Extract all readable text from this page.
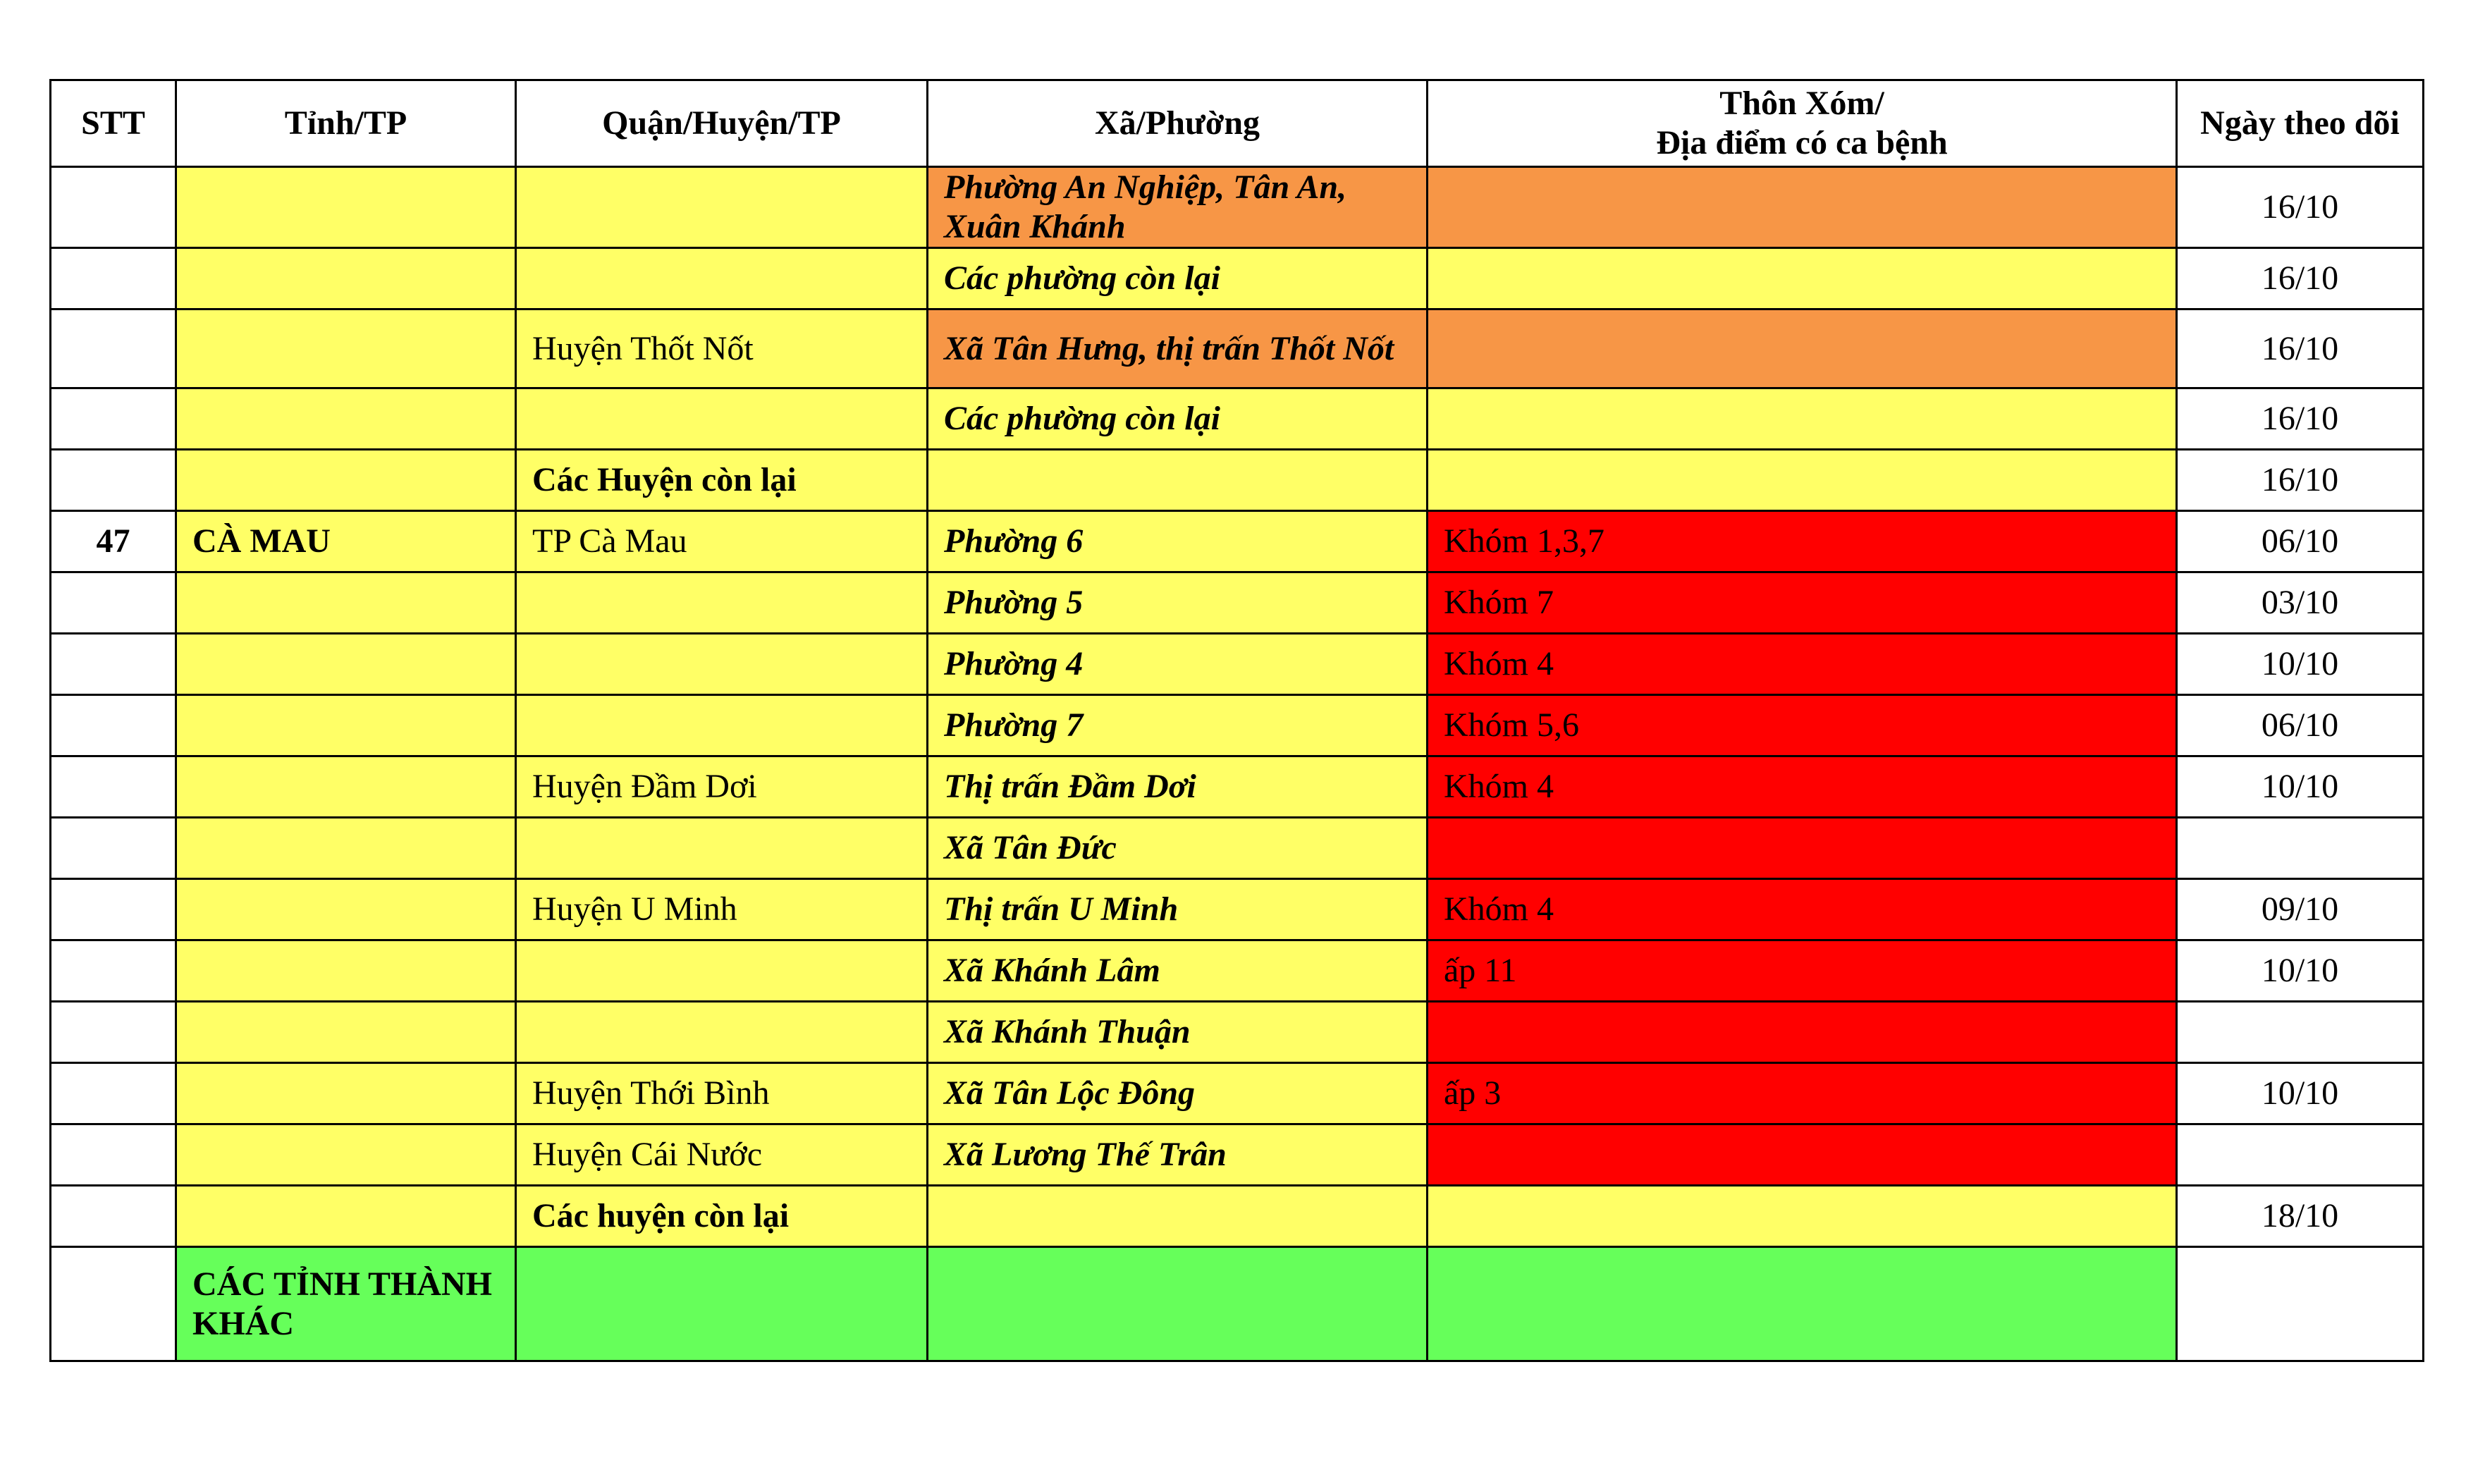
STT	Tỉnh/TP	Quận/Huyện/TP	Xã/Phường	Thôn Xóm/
Địa điểm có ca bệnh	Ngày theo dõi
			Phường An Nghiệp, Tân An, Xuân Khánh		16/10
			Các phường còn lại		16/10
		Huyện Thốt Nốt	Xã Tân Hưng, thị trấn Thốt Nốt		16/10
			Các phường còn lại		16/10
		Các Huyện còn lại			16/10
47	CÀ MAU	TP Cà Mau	Phường 6	Khóm 1,3,7	06/10
			Phường 5	Khóm 7	03/10
			Phường 4	Khóm 4	10/10
			Phường 7	Khóm 5,6	06/10
		Huyện Đầm Dơi	Thị trấn Đầm Dơi	Khóm 4	10/10
			Xã Tân Đức		
		Huyện U Minh	Thị trấn U Minh	Khóm 4	09/10
			Xã Khánh Lâm	ấp 11	10/10
			Xã Khánh Thuận		
		Huyện Thới Bình	Xã Tân Lộc Đông	ấp 3	10/10
		Huyện Cái Nước	Xã Lương Thế Trân		
		Các huyện còn lại			18/10
	CÁC TỈNH THÀNH KHÁC				
